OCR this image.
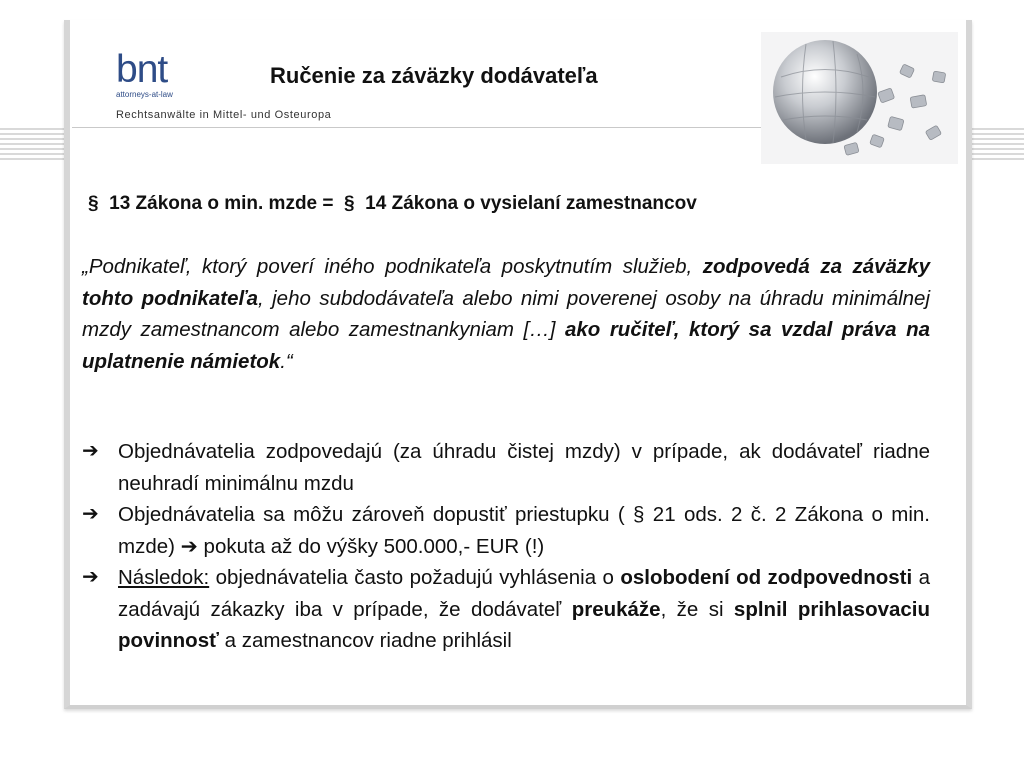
bnt
attorneys-at-law
Rechtsanwälte in Mittel- und Osteuropa
Ručenie za záväzky dodávateľa
§  13 Zákona o min. mzde =  §  14 Zákona o vysielaní zamestnancov

„Podnikateľ, ktorý poverí iného podnikateľa poskytnutím služieb, zodpovedá za záväzky tohto podnikateľa, jeho subdodávateľa alebo nimi poverenej osoby na úhradu minimálnej mzdy zamestnancom alebo zamestnankyniam […] ako ručiteľ, ktorý sa vzdal práva na uplatnenie námietok.“

➔ Objednávatelia zodpovedajú (za úhradu čistej mzdy) v prípade, ak dodávateľ riadne neuhradí minimálnu mzdu
➔ Objednávatelia sa môžu zároveň dopustiť priestupku ( § 21 ods. 2 č. 2 Zákona o min. mzde) ➔ pokuta až do výšky 500.000,- EUR (!)
➔ Následok: objednávatelia často požadujú vyhlásenia o oslobodení od zodpovednosti a zadávajú zákazky iba v prípade, že dodávateľ preukáže, že si splnil prihlasovaciu povinnosť a zamestnancov riadne prihlásil
